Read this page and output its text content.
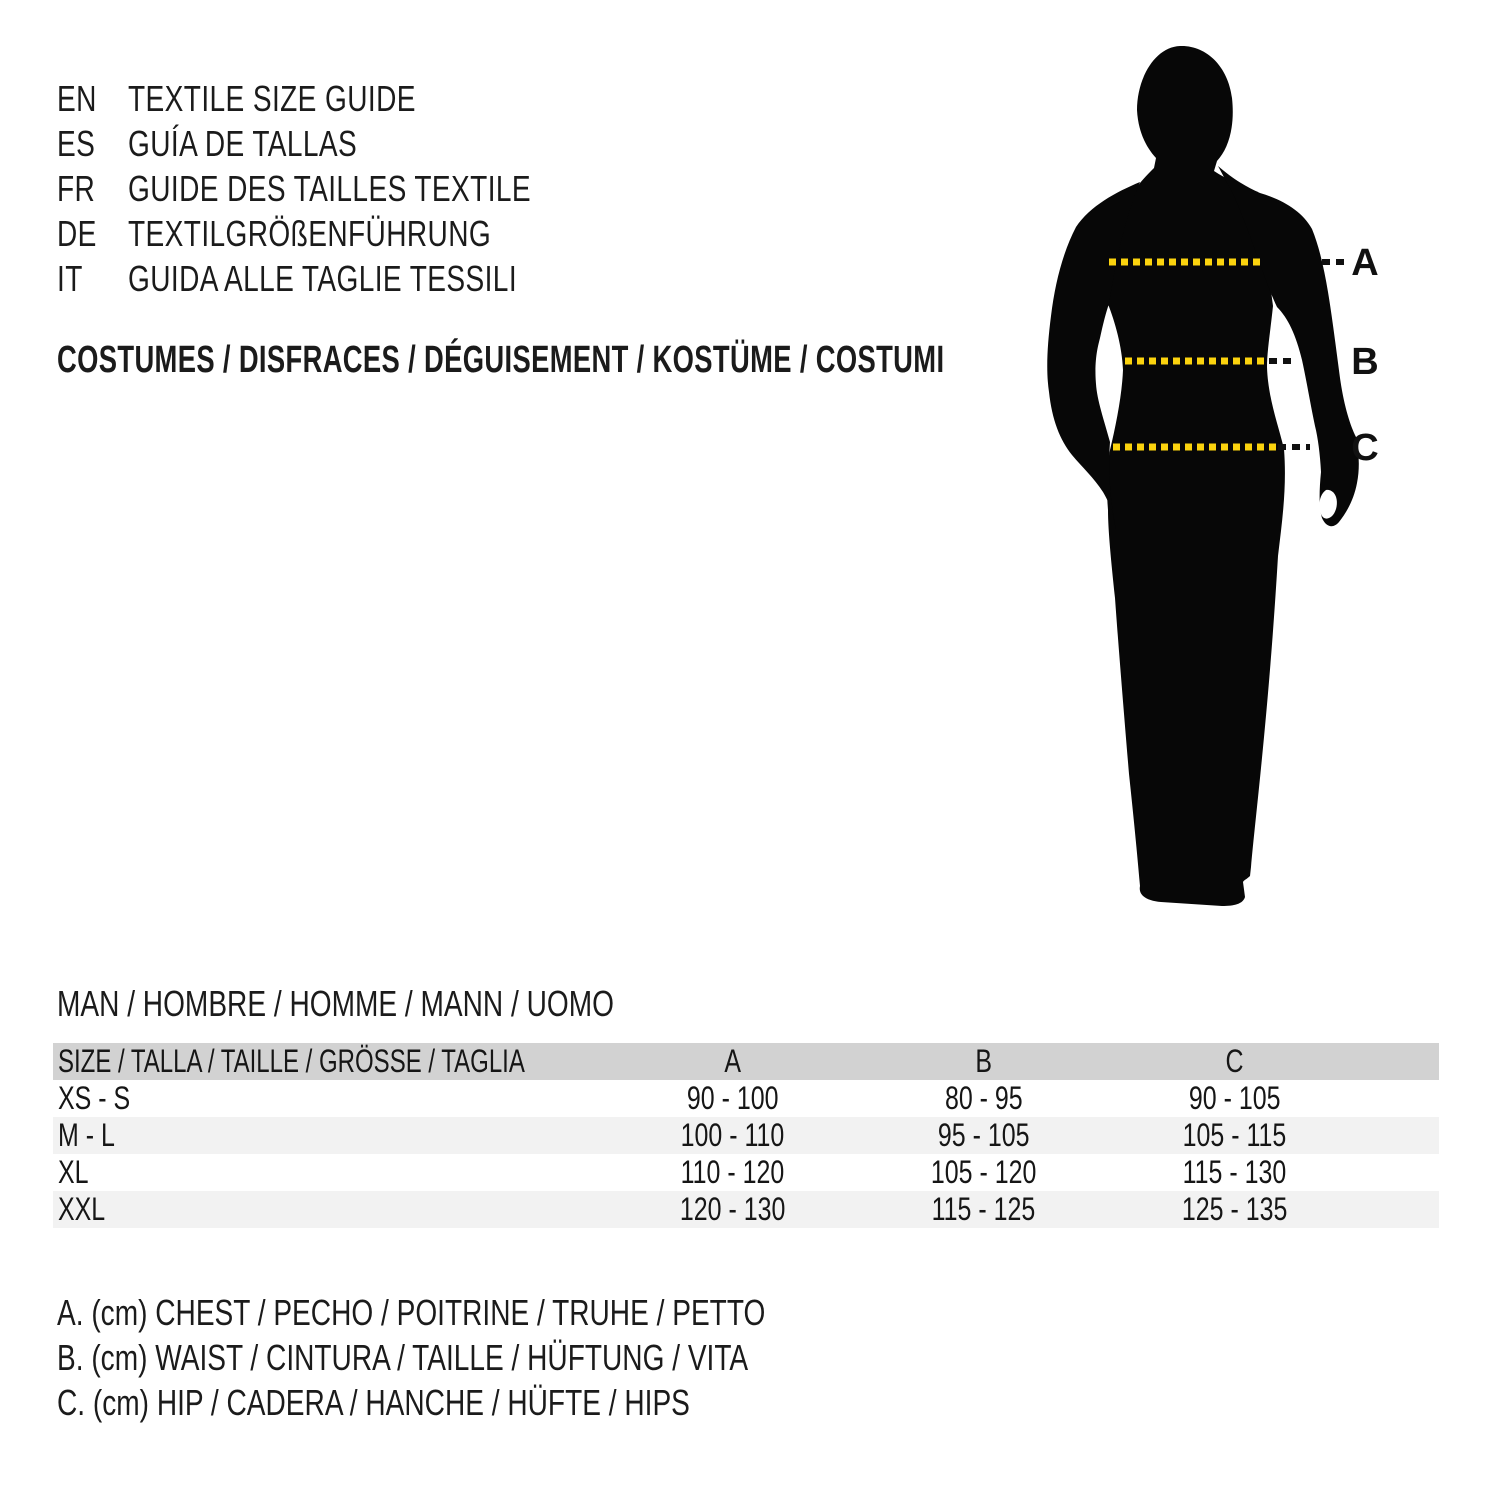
EN TEXTILE SIZE GUIDE
ES GUÍA DE TALLAS
FR GUIDE DES TAILLES TEXTILE
DE TEXTILGRÖßENFÜHRUNG
IT	GUIDA ALLE TAGLIE TESSILI
COSTUMES / DISFRACES / DÉGUISEMENT / KOSTÜME / COSTUMI
A
B
C
MAN / HOMBRE / HOMME / MANN / UOMO
SIZE / TALLA / TAILLE / GRÖSSE / TAGLIA	A	B	C	
XS - S	90 - 100	80 - 95	90 - 105	
M - L	100 - 110	95 - 105	105 - 115	
XL	110 - 120	105 - 120	115 - 130	
XXL	120 - 130	115 - 125	125 - 135	
A. (cm) CHEST / PECHO / POITRINE / TRUHE / PETTO
B. (cm) WAIST / CINTURA / TAILLE / HÜFTUNG / VITA
C. (cm) HIP / CADERA / HANCHE / HÜFTE / HIPS
